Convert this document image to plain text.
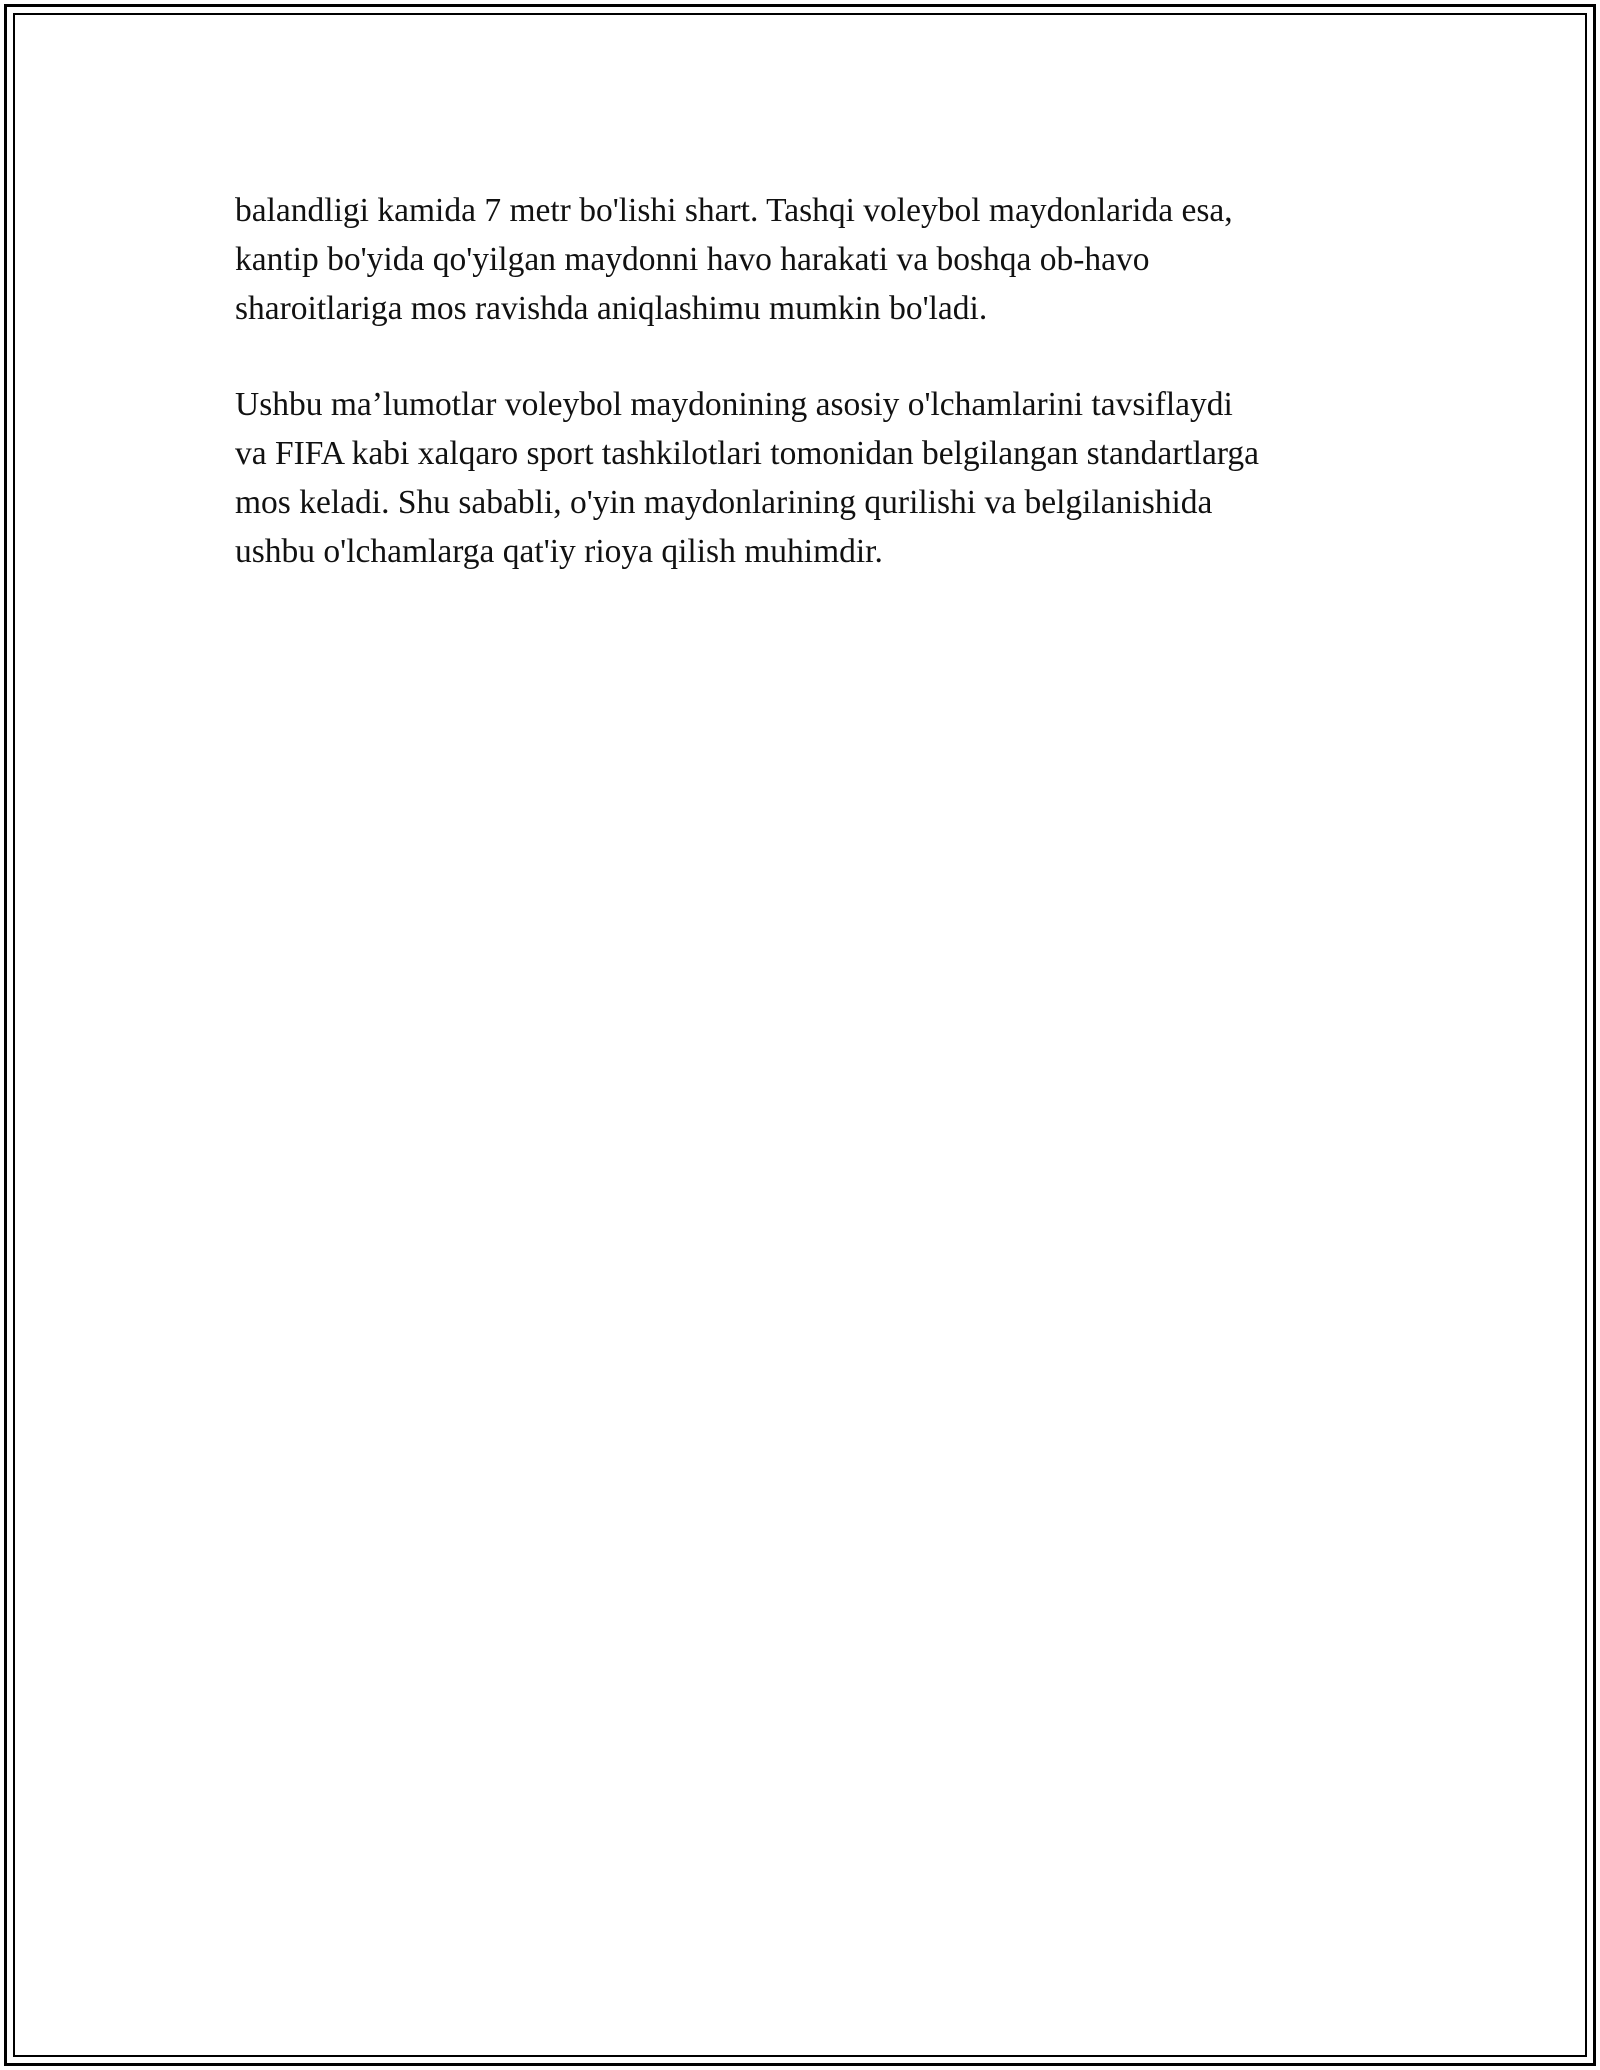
balandligi kamida 7 metr bo'lishi shart. Tashqi voleybol maydonlarida esa,
kantip bo'yida qo'yilgan maydonni havo harakati va boshqa ob-havo
sharoitlariga mos ravishda aniqlashimu mumkin bo'ladi.

Ushbu ma’lumotlar voleybol maydonining asosiy o'lchamlarini tavsiflaydi
va FIFA kabi xalqaro sport tashkilotlari tomonidan belgilangan standartlarga
mos keladi. Shu sababli, o'yin maydonlarining qurilishi va belgilanishida
ushbu o'lchamlarga qat'iy rioya qilish muhimdir.
